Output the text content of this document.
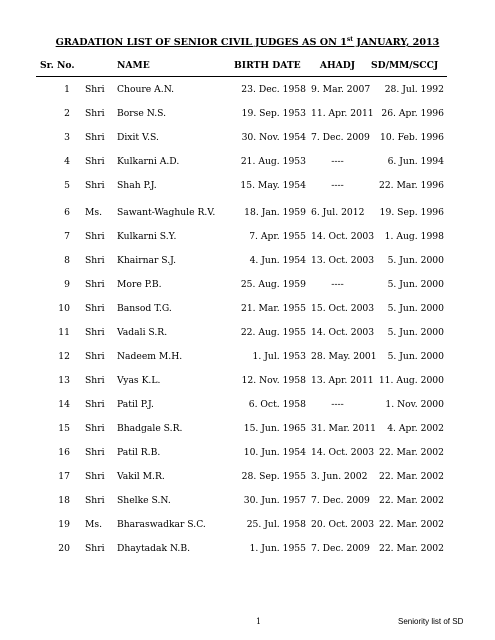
GRADATION LIST OF SENIOR CIVIL JUDGES AS ON 1st JANUARY, 2013
Sr. No.	NAME	BIRTH DATE	AHADJ	SD/MM/SCCJ
1 Shri Choure A.N.	23. Dec. 1958 9. Mar. 2007	28. Jul. 1992
2 Shri Borse N.S.	19. Sep. 1953 11. Apr. 2011 26. Apr. 1996
3 Shri Dixit V.S.	30. Nov. 1954 7. Dec. 2009	10. Feb. 1996
4 Shri Kulkarni A.D.	21. Aug. 1953	----	6. Jun. 1994
5 Shri Shah P.J.	15. May. 1954	----	22. Mar. 1996
6 Ms. Sawant-Waghule R.V.	18. Jan. 1959 6. Jul. 2012	19. Sep. 1996
7 Shri Kulkarni S.Y.	7. Apr. 1955 14. Oct. 2003	1. Aug. 1998
8 Shri Khairnar S.J.	4. Jun. 1954 13. Oct. 2003	5. Jun. 2000
9 Shri More P.B.	25. Aug. 1959	----	5. Jun. 2000
10 Shri Bansod T.G.	21. Mar. 1955 15. Oct. 2003	5. Jun. 2000
11 Shri Vadali S.R.	22. Aug. 1955 14. Oct. 2003	5. Jun. 2000
12 Shri Nadeem M.H.	1. Jul. 1953 28. May. 2001	5. Jun. 2000
13 Shri Vyas K.L.	12. Nov. 1958 13. Apr. 2011 11. Aug. 2000
14 Shri Patil P.J.	6. Oct. 1958	----	1. Nov. 2000
15 Shri Bhadgale S.R.	15. Jun. 1965 31. Mar. 2011	4. Apr. 2002
16 Shri Patil R.B.	10. Jun. 1954 14. Oct. 2003 22. Mar. 2002
17 Shri Vakil M.R.	28. Sep. 1955 3. Jun. 2002	22. Mar. 2002
18 Shri Shelke S.N.	30. Jun. 1957 7. Dec. 2009 22. Mar. 2002
19 Ms. Bharaswadkar S.C.	25. Jul. 1958 20. Oct. 2003 22. Mar. 2002
20 Shri Dhaytadak N.B.	1. Jun. 1955 7. Dec. 2009 22. Mar. 2002
1	Seniority list of SD
